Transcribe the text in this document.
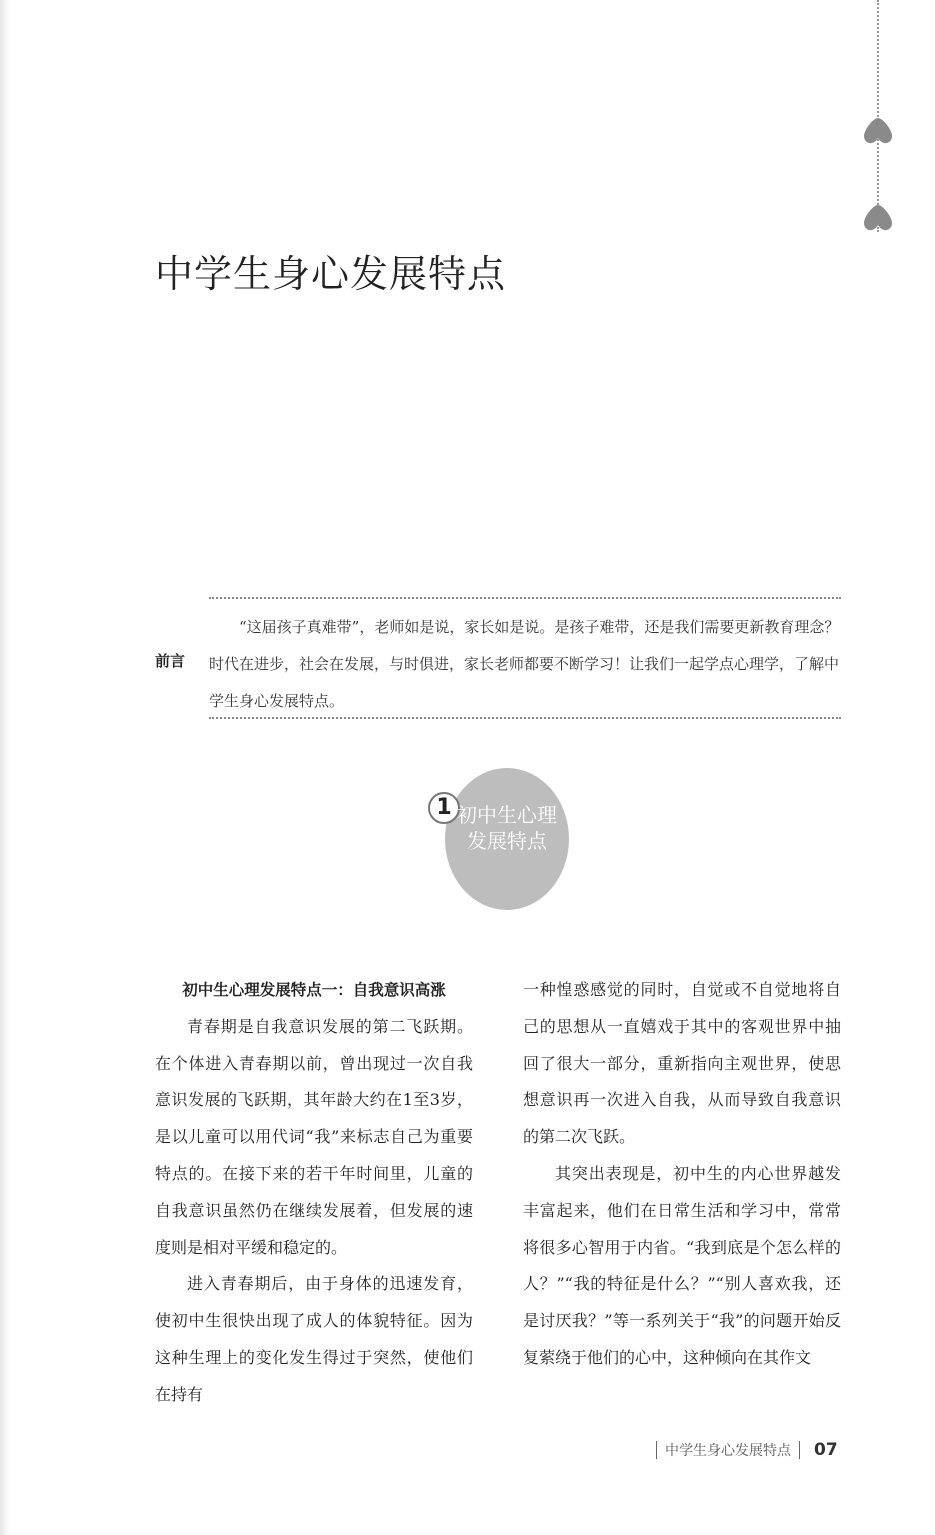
中学生身心发展特点
前言

“这届孩子真难带”，老师如是说，家长如是说。是孩子难带，还是我们需要更新教育理念？时代在进步，社会在发展，与时俱进，家长老师都要不断学习！让我们一起学点心理学，了解中学生身心发展特点。

1 初中生心理发展特点

初中生心理发展特点一：自我意识高涨

青春期是自我意识发展的第二飞跃期。在个体进入青春期以前，曾出现过一次自我意识发展的飞跃期，其年龄大约在1至3岁，是以儿童可以用代词“我”来标志自己为重要特点的。在接下来的若干年时间里，儿童的自我意识虽然仍在继续发展着，但发展的速度则是相对平缓和稳定的。

进入青春期后，由于身体的迅速发育，使初中生很快出现了成人的体貌特征。因为这种生理上的变化发生得过于突然，使他们在持有

一种惶惑感觉的同时，自觉或不自觉地将自己的思想从一直嬉戏于其中的客观世界中抽回了很大一部分，重新指向主观世界，使思想意识再一次进入自我，从而导致自我意识的第二次飞跃。

其突出表现是，初中生的内心世界越发丰富起来，他们在日常生活和学习中，常常将很多心智用于内省。“我到底是个怎么样的人？”“我的特征是什么？”“别人喜欢我，还是讨厌我？”等一系列关于“我”的问题开始反复萦绕于他们的心中，这种倾向在其作文

中学生身心发展特点	07
